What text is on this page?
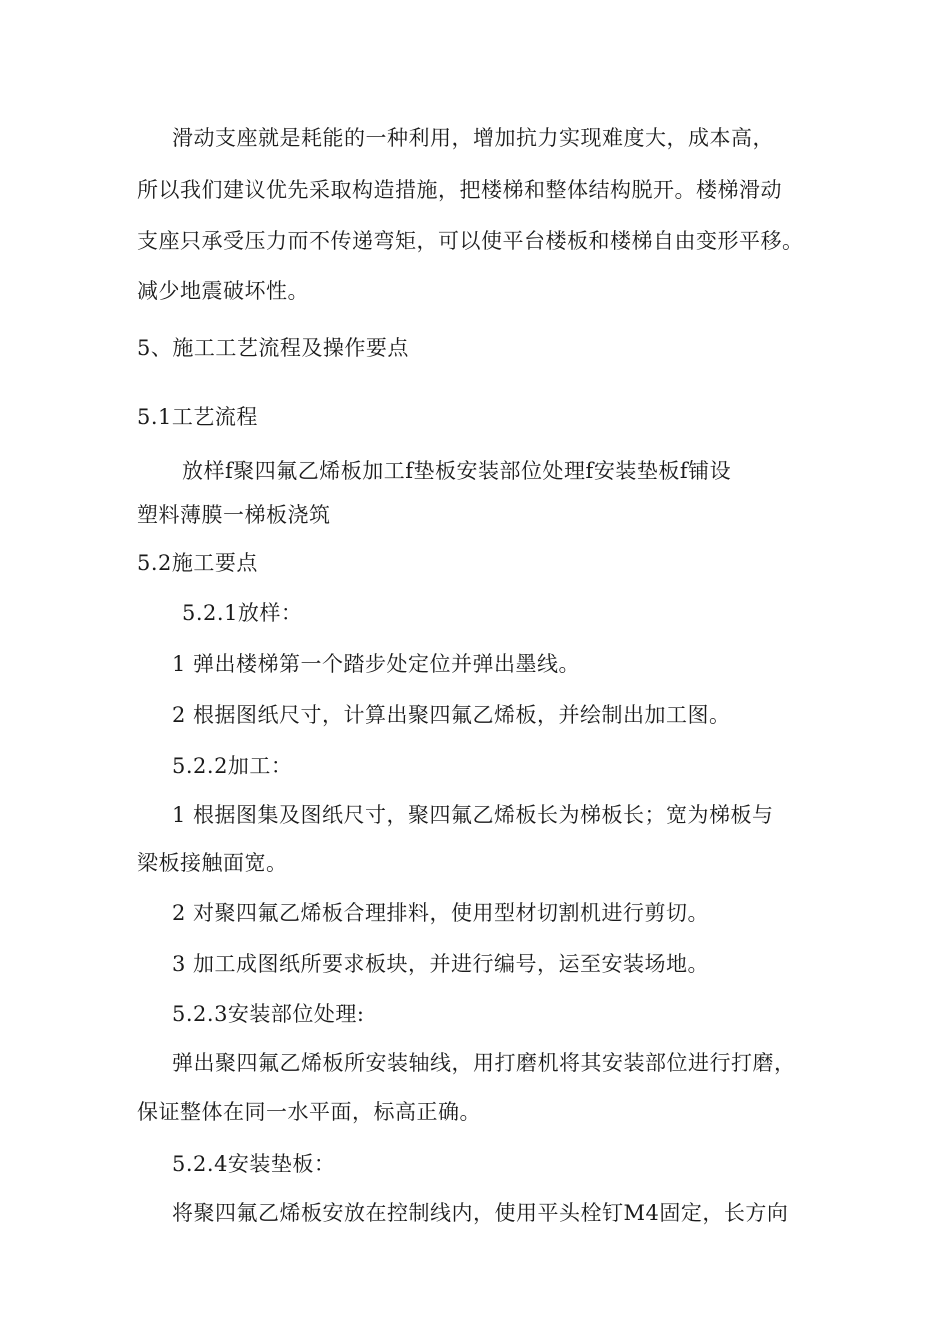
滑动支座就是耗能的一种利用，增加抗力实现难度大，成本高，
所以我们建议优先采取构造措施，把楼梯和整体结构脱开。楼梯滑动
支座只承受压力而不传递弯矩，可以使平台楼板和楼梯自由变形平移。
减少地震破坏性。
5、施工工艺流程及操作要点
5.1工艺流程
放样f聚四氟乙烯板加工f垫板安装部位处理f安装垫板f铺设
塑料薄膜一梯板浇筑
5.2施工要点
5.2.1放样：
1 弹出楼梯第一个踏步处定位并弹出墨线。
2 根据图纸尺寸，计算出聚四氟乙烯板，并绘制出加工图。
5.2.2加工：
1 根据图集及图纸尺寸，聚四氟乙烯板长为梯板长；宽为梯板与
梁板接触面宽。
2 对聚四氟乙烯板合理排料，使用型材切割机进行剪切。
3 加工成图纸所要求板块，并进行编号，运至安装场地。
5.2.3安装部位处理:
弹出聚四氟乙烯板所安装轴线，用打磨机将其安装部位进行打磨，
保证整体在同一水平面，标高正确。
5.2.4安装垫板：
将聚四氟乙烯板安放在控制线内，使用平头栓钉M4固定，长方向
